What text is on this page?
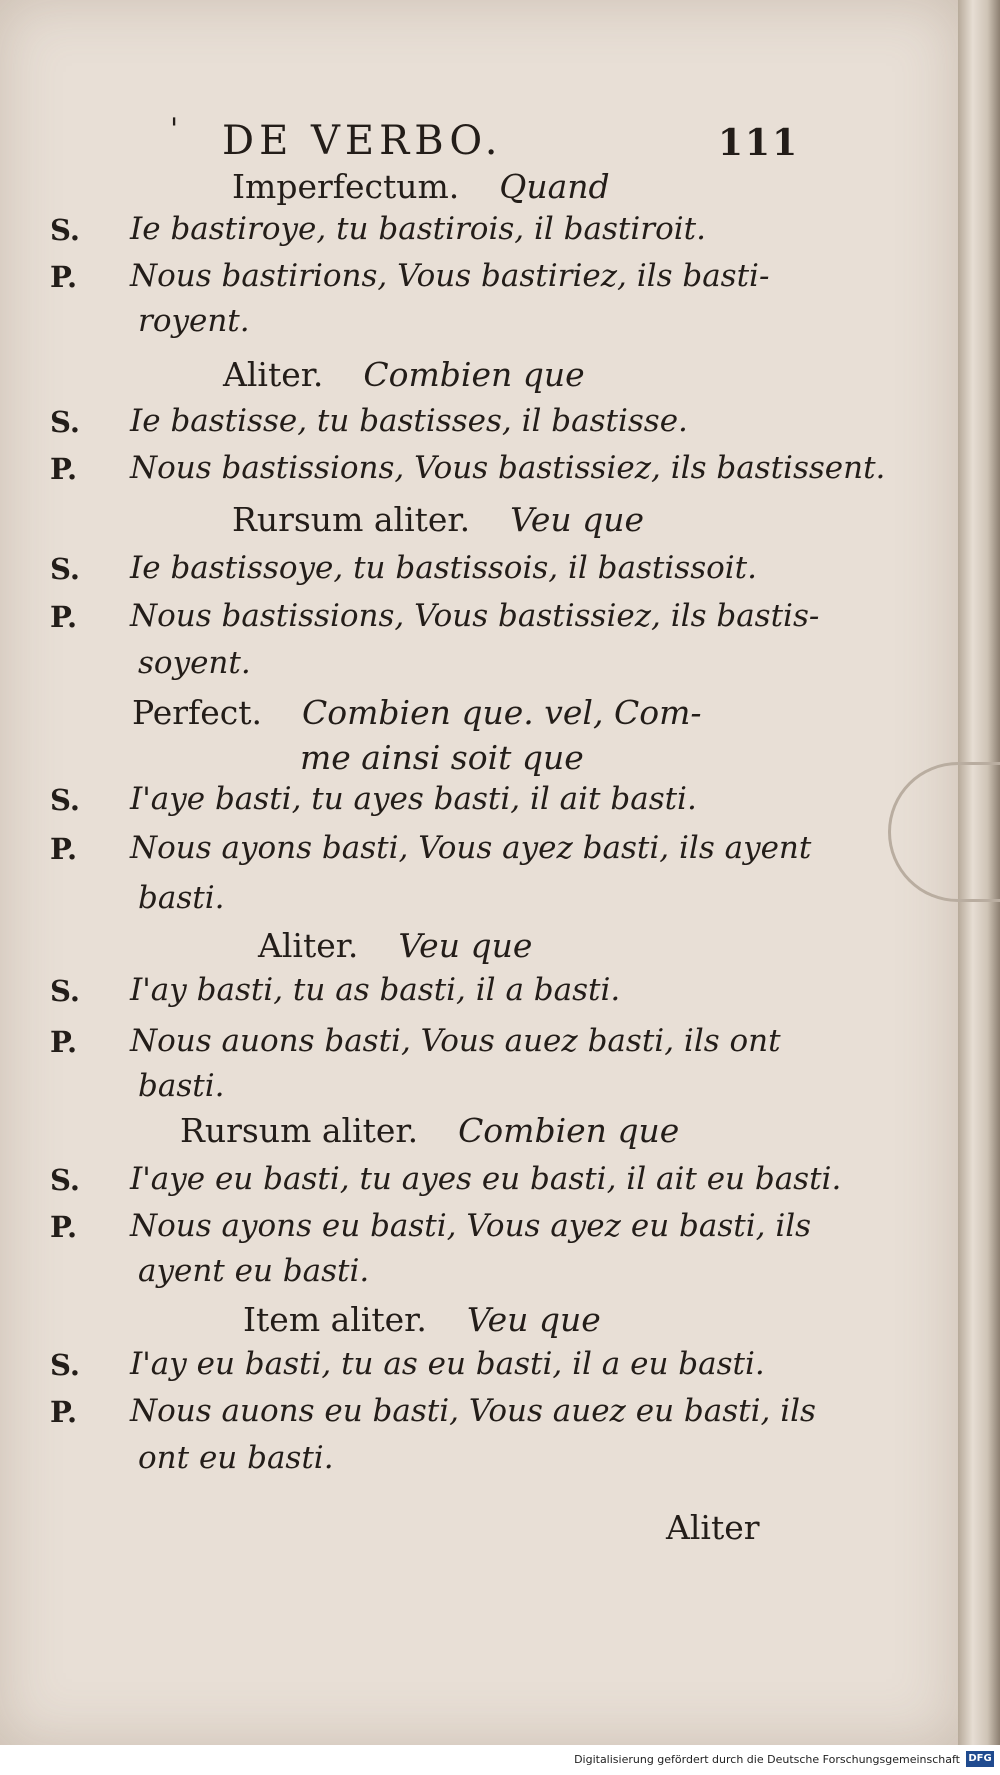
' DE VERBO.	111
Imperfectum. Quand
S. Ie bastiroye, tu bastirois, il bastiroit.
P. Nous bastirions, Vous bastiriez, ils basti-
royent.
Aliter. Combien que
S. Ie bastisse, tu bastisses, il bastisse.
P. Nous bastissions, Vous bastissiez, ils bastissent.
Rursum aliter. Veu que
S. Ie bastissoye, tu bastissois, il bastissoit.
P. Nous bastissions, Vous bastissiez, ils bastis-
soyent.
Perfect. Combien que. vel, Com-
me ainsi soit que
S. I'aye basti, tu ayes basti, il ait basti.
P. Nous ayons basti, Vous ayez basti, ils ayent
basti.
Aliter. Veu que
S. I'ay basti, tu as basti, il a basti.
P. Nous auons basti, Vous auez basti, ils ont
basti.
Rursum aliter. Combien que
S. I'aye eu basti, tu ayes eu basti, il ait eu basti.
P. Nous ayons eu basti, Vous ayez eu basti, ils
ayent eu basti.
Item aliter. Veu que
S. I'ay eu basti, tu as eu basti, il a eu basti.
P. Nous auons eu basti, Vous auez eu basti, ils
ont eu basti.
Aliter
Digitalisierung gefördert durch die Deutsche Forschungsgemeinschaft DFG
